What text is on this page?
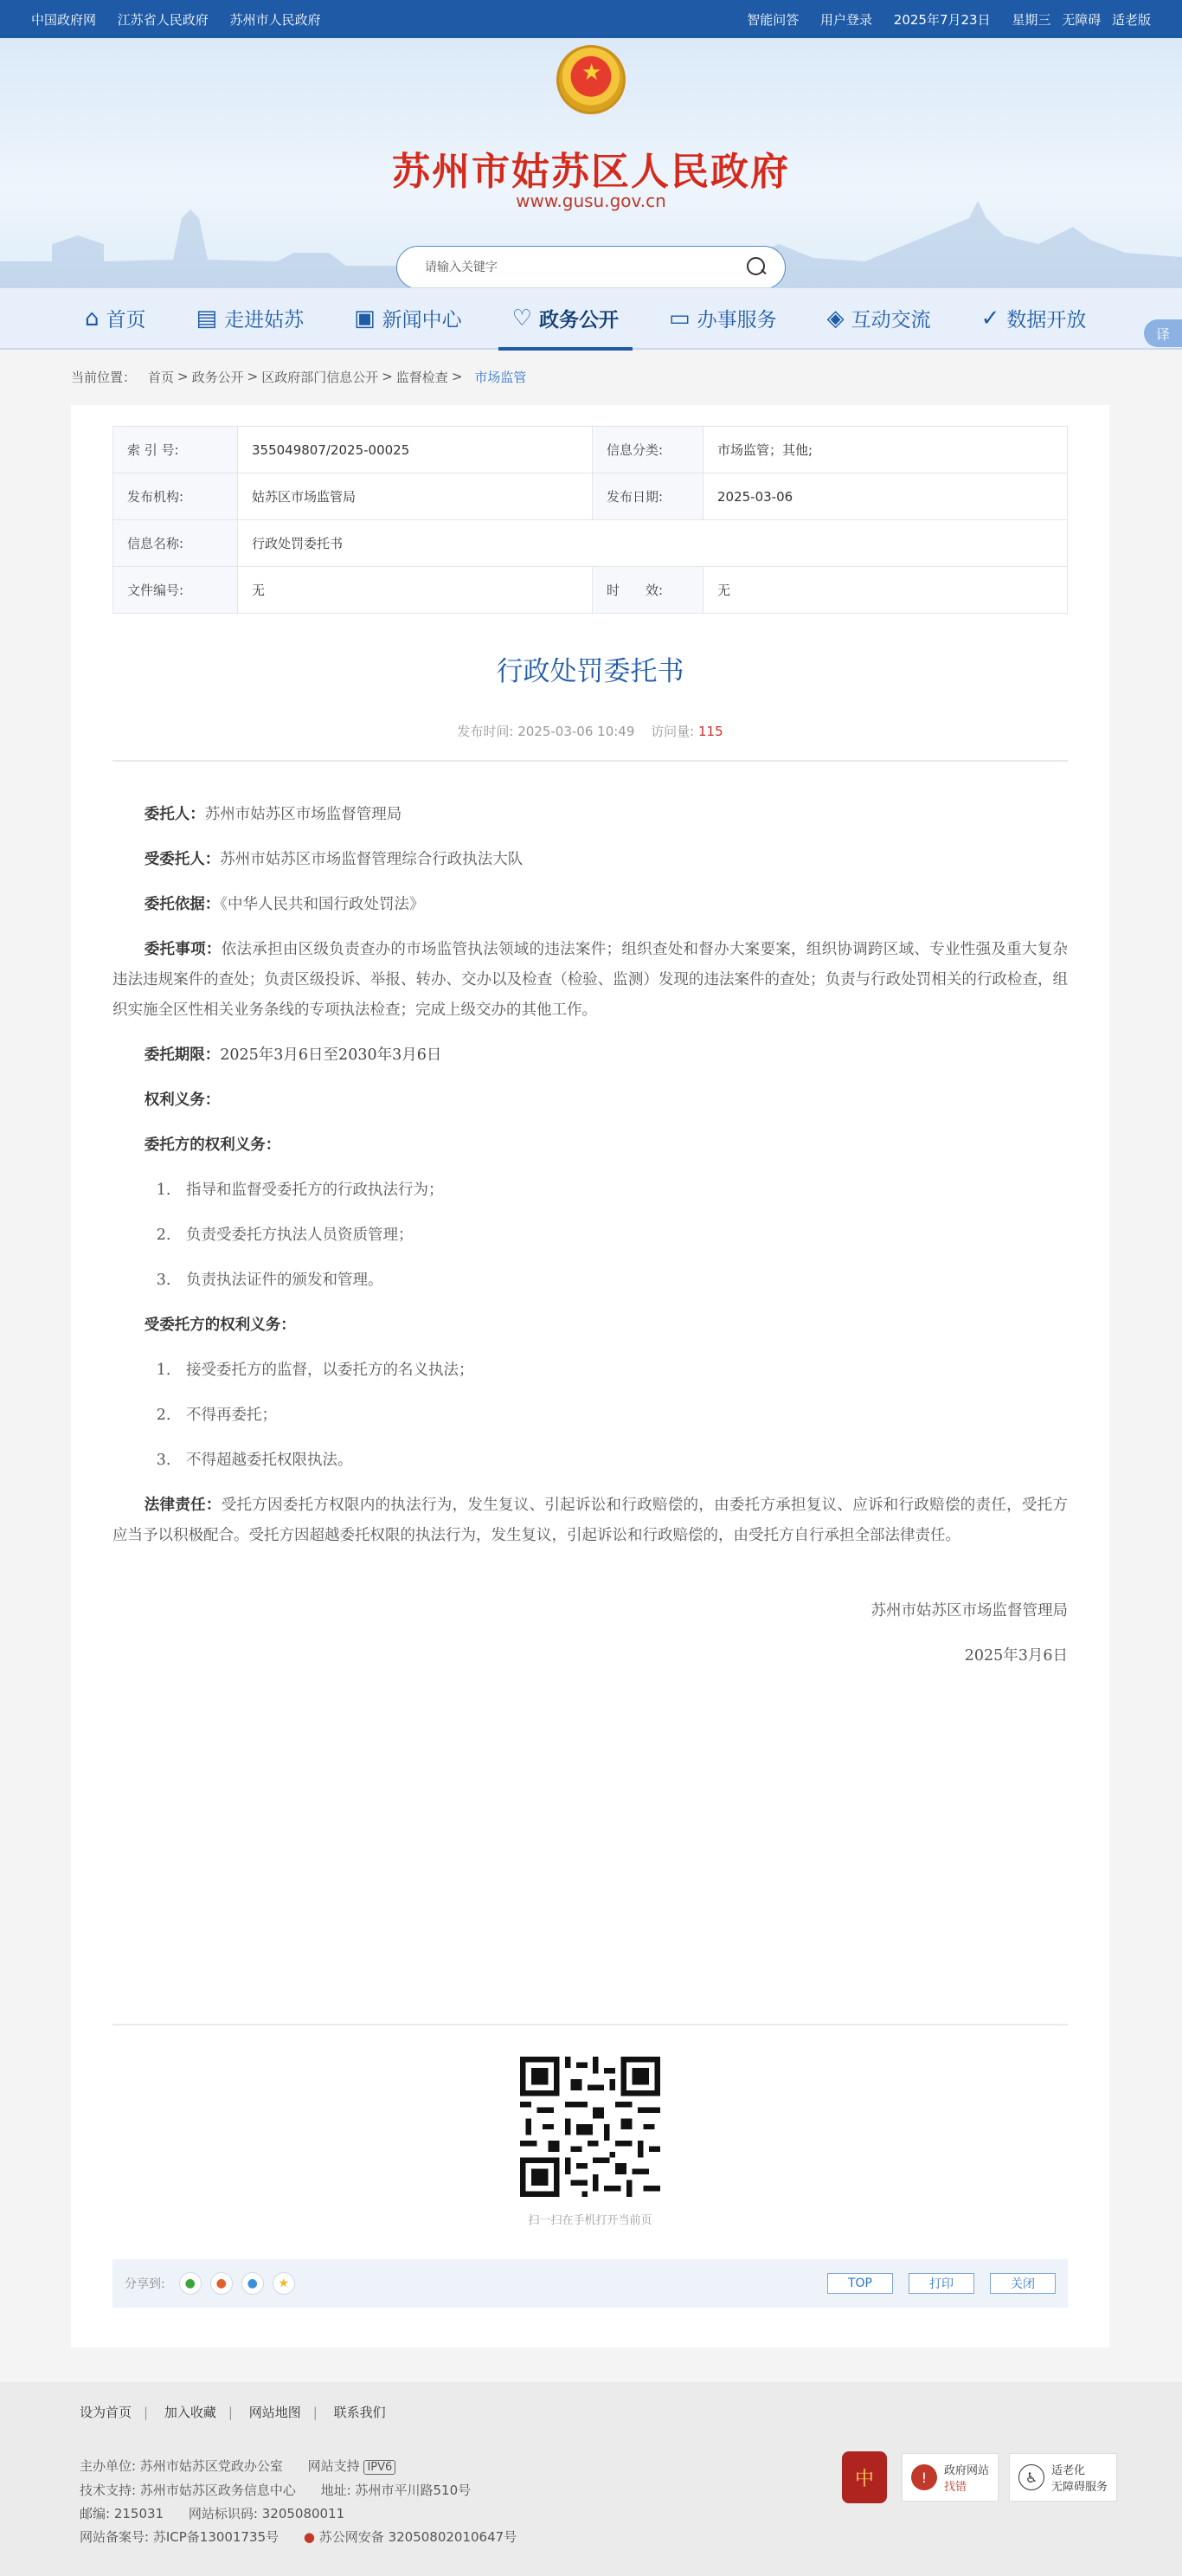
中国政府网 江苏省人民政府 苏州市人民政府	智能问答 用户登录 2025年7月23日 星期三 无障碍 适老版
★
苏州市姑苏区人民政府
www.gusu.gov.cn
请输入关键字
⌂ 首页 ▤ 走进姑苏 ▣ 新闻中心 ♡ 政务公开 ▭ 办事服务 ◈ 互动交流 ✓ 数据开放
译
当前位置： 首页 > 政务公开 > 区政府部门信息公开 > 监督检查 > 市场监管
索 引 号:	355049807/2025-00025	信息分类:	市场监管；其他;
发布机构:	姑苏区市场监管局	发布日期:	2025-03-06
信息名称:	行政处罚委托书		
文件编号:	无	时　　效:	无
行政处罚委托书
发布时间: 2025-03-06 10:49 访问量: 115

委托人：苏州市姑苏区市场监督管理局

受委托人：苏州市姑苏区市场监督管理综合行政执法大队

委托依据：《中华人民共和国行政处罚法》

委托事项：依法承担由区级负责查办的市场监管执法领域的违法案件；组织查处和督办大案要案，组织协调跨区域、专业性强及重大复杂违法违规案件的查处；负责区级投诉、举报、转办、交办以及检查（检验、监测）发现的违法案件的查处；负责与行政处罚相关的行政检查，组织实施全区性相关业务条线的专项执法检查；完成上级交办的其他工作。

委托期限：2025年3月6日至2030年3月6日

权利义务：

委托方的权利义务：

1.　指导和监督受委托方的行政执法行为；

2.　负责受委托方执法人员资质管理；

3.　负责执法证件的颁发和管理。

受委托方的权利义务：

1.　接受委托方的监督，以委托方的名义执法；

2.　不得再委托；

3.　不得超越委托权限执法。

法律责任：受托方因委托方权限内的执法行为，发生复议、引起诉讼和行政赔偿的，由委托方承担复议、应诉和行政赔偿的责任，受托方应当予以积极配合。受托方因超越委托权限的执法行为，发生复议，引起诉讼和行政赔偿的，由受托方自行承担全部法律责任。

苏州市姑苏区市场监督管理局

2025年3月6日

扫一扫在手机打开当前页
分享到:	●	●	●	★	TOP	打印	关闭
设为首页 | 加入收藏 | 网站地图 | 联系我们
主办单位: 苏州市姑苏区党政办公室 网站支持 IPV6
技术支持: 苏州市姑苏区政务信息中心 地址: 苏州市平川路510号
邮编: 215031 网站标识码: 3205080011
网站备案号: 苏ICP备13001735号 ● 苏公网安备 32050802010647号
中	!	政府网站
找错
♿	适老化
无障碍服务
